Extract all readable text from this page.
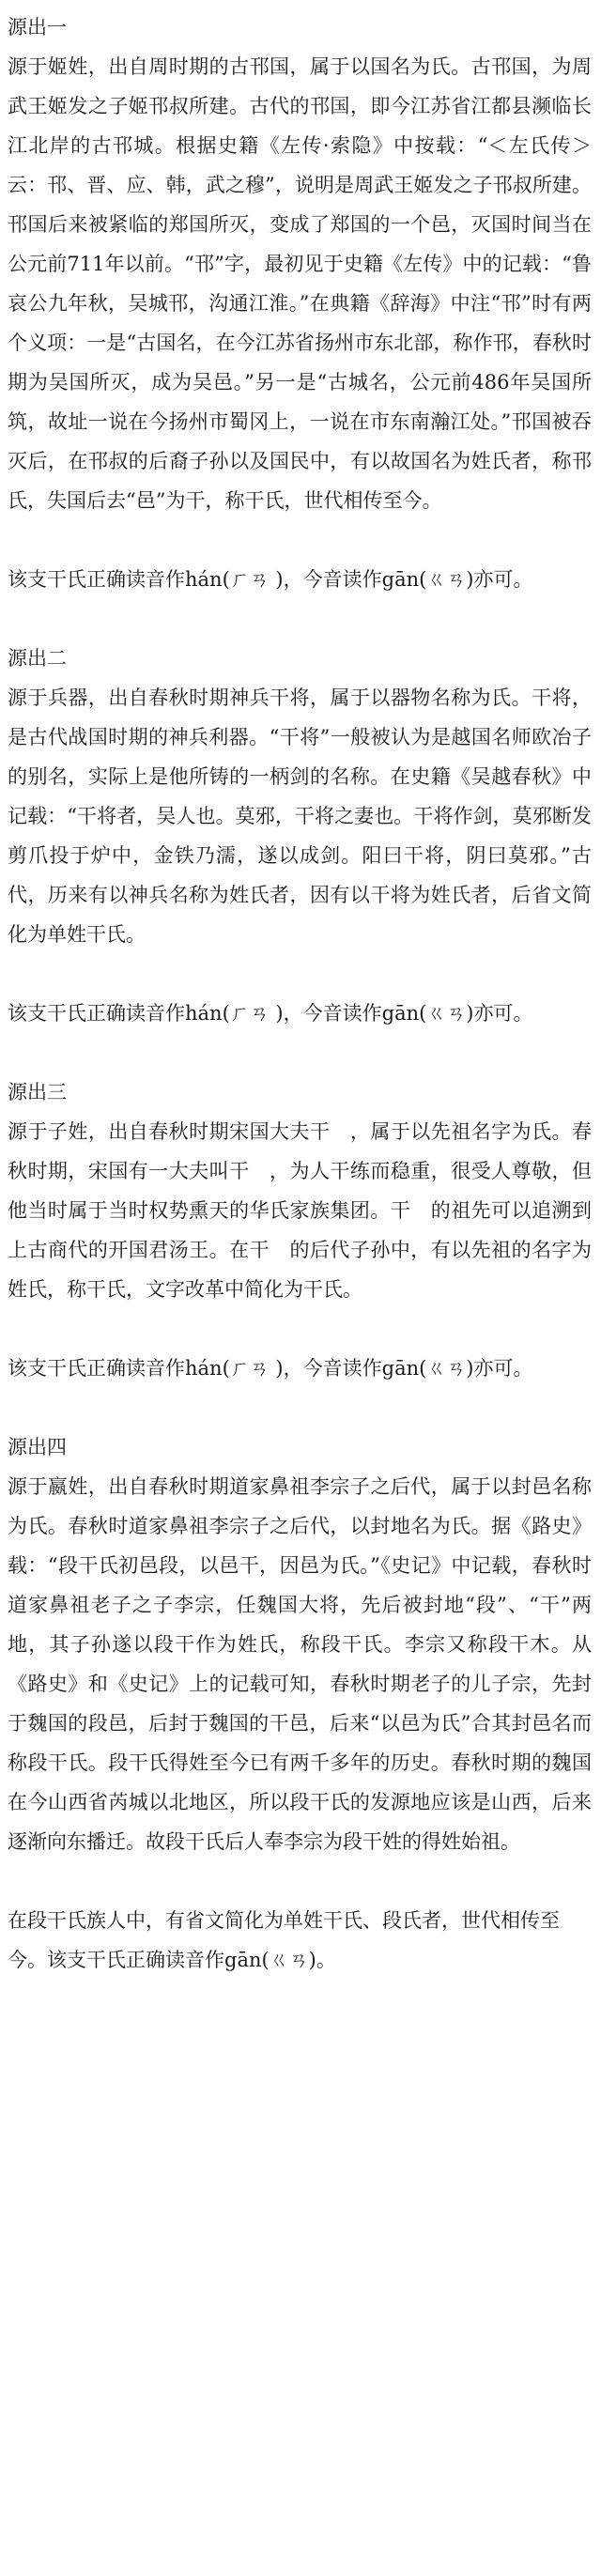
源出一

源于姬姓，出自周时期的古邗国，属于以国名为氏。古邗国，为周武王姬发之子姬邗叔所建。古代的邗国，即今江苏省江都县濒临长江北岸的古邗城。根据史籍《左传·索隐》中按载：“＜左氏传＞云：邗、晋、应、韩，武之穆”，说明是周武王姬发之子邗叔所建。邗国后来被紧临的郑国所灭，变成了郑国的一个邑，灭国时间当在公元前711年以前。“邗”字，最初见于史籍《左传》中的记载：“鲁哀公九年秋，吴城邗，沟通江淮。”在典籍《辞海》中注“邗”时有两个义项：一是“古国名，在今江苏省扬州市东北部，称作邗，春秋时期为吴国所灭，成为吴邑。”另一是“古城名，公元前486年吴国所筑，故址一说在今扬州市蜀冈上，一说在市东南瀚江处。”邗国被吞灭后，在邗叔的后裔子孙以及国民中，有以故国名为姓氏者，称邗氏，失国后去“邑”为干，称干氏，世代相传至今。

该支干氏正确读音作hán(ㄏㄢ )，今音读作gān(ㄍㄢ)亦可。

源出二

源于兵器，出自春秋时期神兵干将，属于以器物名称为氏。干将，是古代战国时期的神兵利器。“干将”一般被认为是越国名师欧冶子的别名，实际上是他所铸的一柄剑的名称。在史籍《吴越春秋》中记载：“干将者，吴人也。莫邪，干将之妻也。干将作剑，莫邪断发剪爪投于炉中，金铁乃濡，遂以成剑。阳曰干将，阴曰莫邪。”古代，历来有以神兵名称为姓氏者，因有以干将为姓氏者，后省文简化为单姓干氏。

该支干氏正确读音作hán(ㄏㄢ )，今音读作gān(ㄍㄢ)亦可。

源出三

源于子姓，出自春秋时期宋国大夫干　，属于以先祖名字为氏。春秋时期，宋国有一大夫叫干　，为人干练而稳重，很受人尊敬，但他当时属于当时权势熏天的华氏家族集团。干　的祖先可以追溯到上古商代的开国君汤王。在干　的后代子孙中，有以先祖的名字为姓氏，称干氏，文字改革中简化为干氏。

该支干氏正确读音作hán(ㄏㄢ )，今音读作gān(ㄍㄢ)亦可。

源出四

源于嬴姓，出自春秋时期道家鼻祖李宗子之后代，属于以封邑名称为氏。春秋时道家鼻祖李宗子之后代，以封地名为氏。据《路史》载：“段干氏初邑段，以邑干，因邑为氏。”《史记》中记载，春秋时道家鼻祖老子之子李宗，任魏国大将，先后被封地“段”、“干”两地，其子孙遂以段干作为姓氏，称段干氏。李宗又称段干木。从《路史》和《史记》上的记载可知，春秋时期老子的儿子宗，先封于魏国的段邑，后封于魏国的干邑，后来“以邑为氏”合其封邑名而称段干氏。段干氏得姓至今已有两千多年的历史。春秋时期的魏国在今山西省芮城以北地区，所以段干氏的发源地应该是山西，后来逐渐向东播迁。故段干氏后人奉李宗为段干姓的得姓始祖。

在段干氏族人中，有省文简化为单姓干氏、段氏者，世代相传至今。该支干氏正确读音作gān(ㄍㄢ)。
